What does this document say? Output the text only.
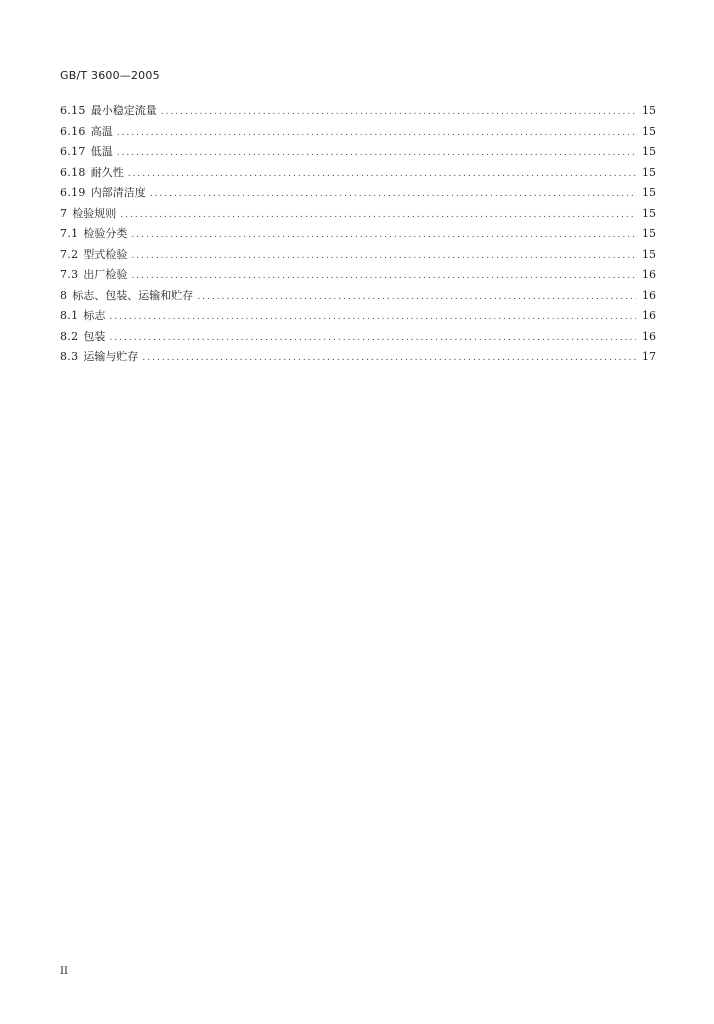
GB/T 3600—2005
6.15 最小稳定流量 .....	15
6.16 高温 .....	15
6.17 低温 .....	15
6.18 耐久性 .....	15
6.19 内部清洁度 .....	15
7 检验规则 .....	15
7.1 检验分类 .....	15
7.2 型式检验 .....	15
7.3 出厂检验 .....	16
8 标志、包装、运输和贮存 .....	16
8.1 标志 .....	16
8.2 包装 .....	16
8.3 运输与贮存 .....	17
II
